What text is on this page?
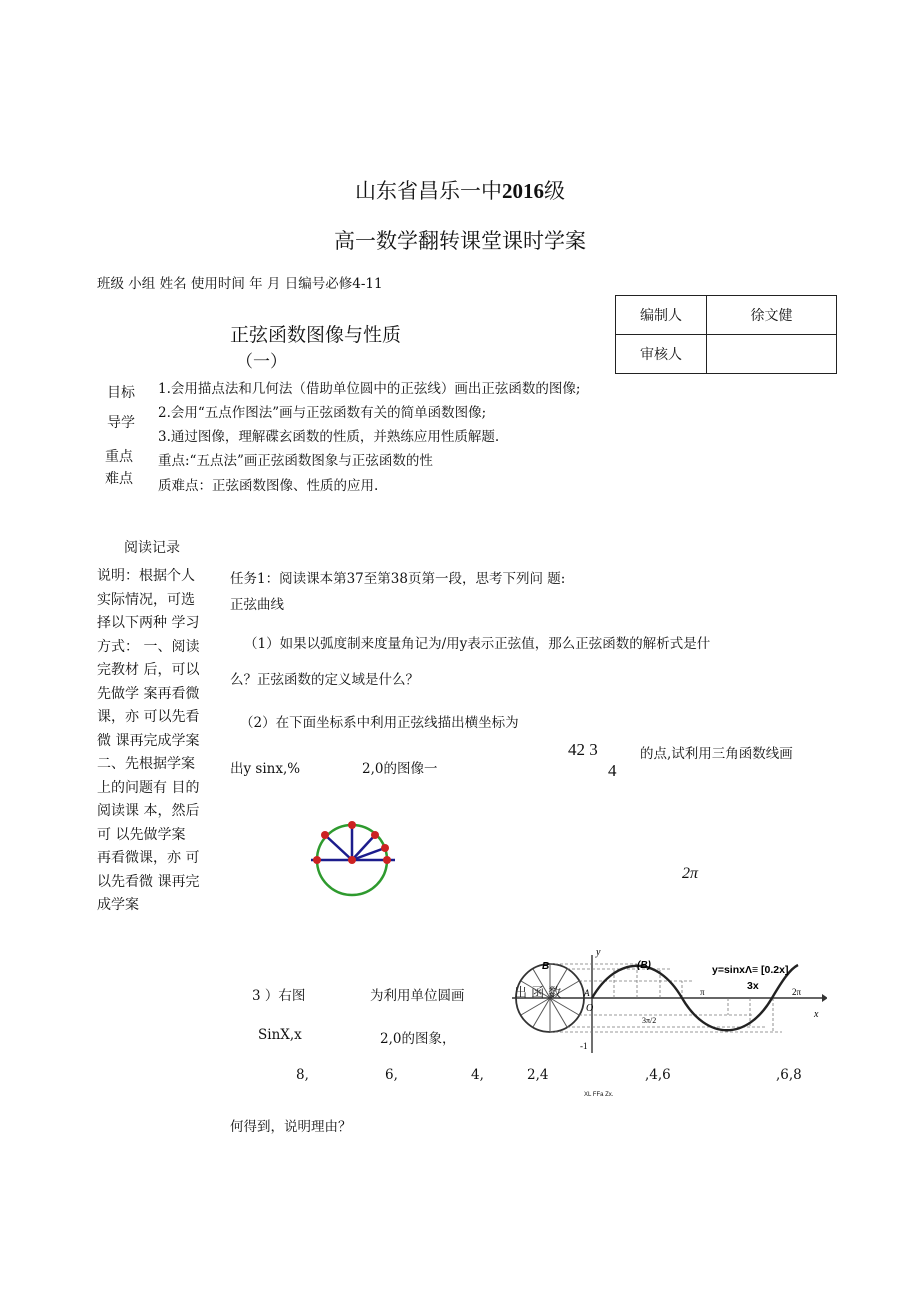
山东省昌乐一中2016级
高一数学翻转课堂课时学案
班级 小组 姓名 使用时间 年 月 日编号必修4-11
编制人	徐文健
审核人	
正弦函数图像与性质
（一）
目标
导学
1.会用描点法和几何法（借助单位圆中的正弦线）画出正弦函数的图像;
2.会用“五点作图法”画与正弦函数有关的简单函数图像;
3.通过图像，理解碟玄函数的性质，并熟练应用性质解题.
重点
难点
重点:“五点法”画正弦函数图象与正弦函数的性
质难点：正弦函数图像、性质的应用.
阅读记录
说明：根据个人
实际情况，可选
择以下两种 学习
方式： 一、阅读
完教材 后，可以
先做学 案再看微
课，亦 可以先看
微 课再完成学案
二、先根据学案
上的问题有 目的
阅读课 本，然后
可 以先做学案
再看微课，亦 可
以先看微 课再完
成学案
任务1：阅读课本第37至第38页第一段，思考下列问 题:
正弦曲线
（1）如果以弧度制来度量角记为/用y表示正弦值，那么正弦函数的解析式是什
么？正弦函数的定义域是什么？
（2）在下面坐标系中利用正弦线描出横坐标为
42 3
4
的点,试利用三角函数线画
出y sinx,%	2,0的图像一
2π
3 ）右图	为利用单位圆画
SinX,x	2,0的图象，
y
B	(B)	y=sinxΛ≡ [0.2x]
3x
O
A
x
π	2π
3π/2
-1
出 函 数
8,	6,	4,	2,4	,4,6	,6,8
XL FFa Zx.
何得到，说明理由？
